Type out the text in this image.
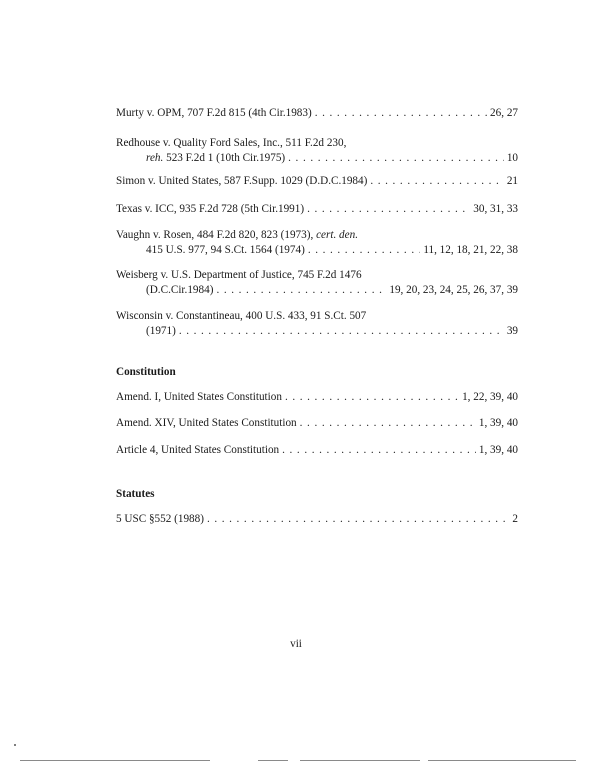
Murty v. OPM, 707 F.2d 815 (4th Cir.1983) . . .	26, 27
Redhouse v. Quality Ford Sales, Inc., 511 F.2d 230,
reh. 523 F.2d 1 (10th Cir.1975) . . .	10
Simon v. United States, 587 F.Supp. 1029 (D.D.C.1984) . . .	21
Texas v. ICC, 935 F.2d 728 (5th Cir.1991) . . .	30, 31, 33
Vaughn v. Rosen, 484 F.2d 820, 823 (1973), cert. den.
415 U.S. 977, 94 S.Ct. 1564 (1974) . . .	11, 12, 18, 21, 22, 38
Weisberg v. U.S. Department of Justice, 745 F.2d 1476
(D.C.Cir.1984) . . .	19, 20, 23, 24, 25, 26, 37, 39
Wisconsin v. Constantineau, 400 U.S. 433, 91 S.Ct. 507
(1971) . . .	39
Constitution
Amend. I, United States Constitution . . .	1, 22, 39, 40
Amend. XIV, United States Constitution . . .	1, 39, 40
Article 4, United States Constitution . . .	1, 39, 40
Statutes
5 USC §552 (1988) . . .	2
vii
